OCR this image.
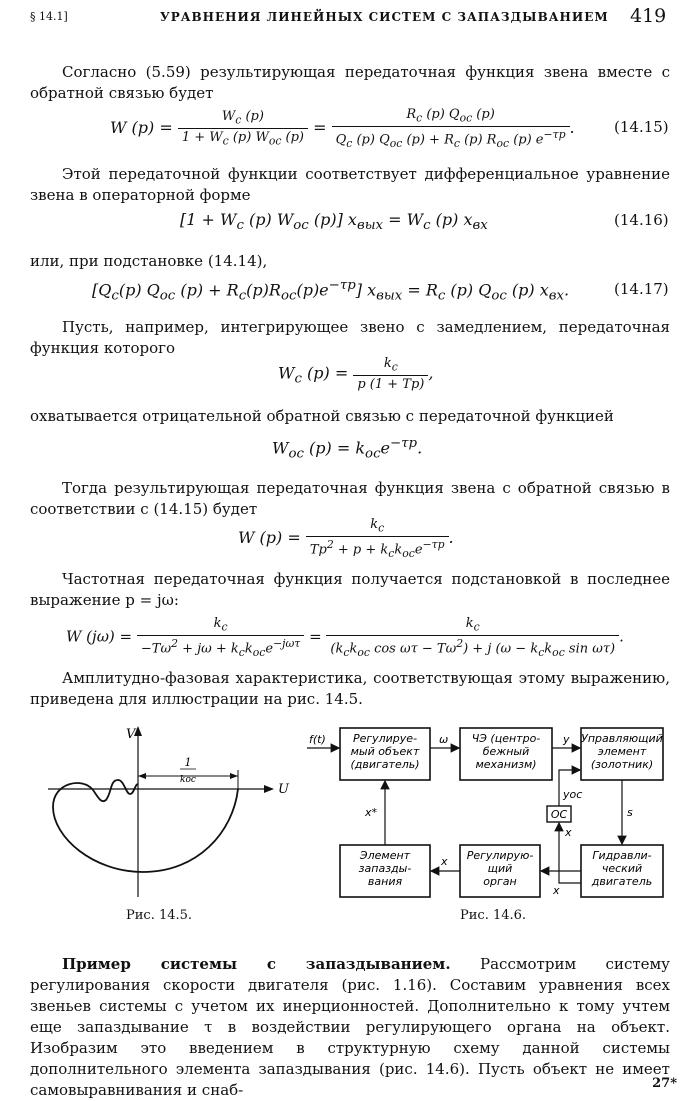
§ 14.1]	УРАВНЕНИЯ ЛИНЕЙНЫХ СИСТЕМ С ЗАПАЗДЫВАНИЕМ 419
Согласно (5.59) результирующая передаточная функция звена вместе с обратной связью будет
W $(p) = \frac{W_c (p)}{1 + W_c (p) W_{oc} (p)} = \frac{R_c (p) Q_{oc} (p)}{Q_c (p) Q_{oc} (p) + R_c (p) R_{oc} (p) e^{-\tau p}}$ .	(14.15)
Этой передаточной функции соответствует дифференциальное уравнение звена в операторной форме
[$1 + W_c$ (p) $W_{oc}$ (p)] $x_{вых} = W_c$ (p) $x_{вх}$	(14.16)
или, при подстановке (14.14),
[$Q_c(p)$ $Q_{oc}$ $(p) + R_c(p)R_{oc}(p)e^{-\tau p}$] $x_{вых} = R_c$ (p) $Q_{oc}$ (p) $x_{вх}$.	(14.17)
Пусть, например, интегрирующее звено с замедлением, передаточная функция которого
$W_c$ $(p) = \frac{k_c}{p (1 + Tp)}$ ,
охватывается отрицательной обратной связью с передаточной функцией
$W_{oc}$ $(p) = k_{oc}e^{-\tau p}$.
Тогда результирующая передаточная функция звена с обратной связью в соответствии с (14.15) будет
W $(p) = \frac{k_c}{Tp^2 + p + k_ck_{oc}e^{-\tau p}}$ .
Частотная передаточная функция получается подстановкой в последнее выражение p = jω:
W $(j\omega) = \frac{k_c}{-T\omega^2 + j\omega + k_ck_{oc}e^{-j\omega\tau}} = \frac{k_c}{(k_ck_{oc} \cos \omega\tau - T\omega^2) + j (\omega - k_ck_{oc} \sin \omega\tau)}$ .
Амплитудно-фазовая характеристика, соответствующая этому выражению, приведена для иллюстрации на рис. 14.5.
1
koc
V
U
Рис. 14.5.
Регулируе-мый объект (двигатель)
ЧЭ (центро-бежный механизм)
Управляющий элемент (золотник)
Элемент запазды-вания
Регулирую-щий орган
Гидравли-ческий двигатель
ОС
f(t)	ω	y
yoc
s
x*
x
x
x
Рис. 14.6.
Пример системы с запаздыванием. Рассмотрим систему регулирования скорости двигателя (рис. 1.16). Составим уравнения всех звеньев системы с учетом их инерционностей. Дополнительно к тому учтем еще запаздывание τ в воздействии регулирующего органа на объект. Изобразим это введением в структурную схему данной системы дополнительного элемента запаздывания (рис. 14.6). Пусть объект не имеет самовыравнивания и снаб-	27*
